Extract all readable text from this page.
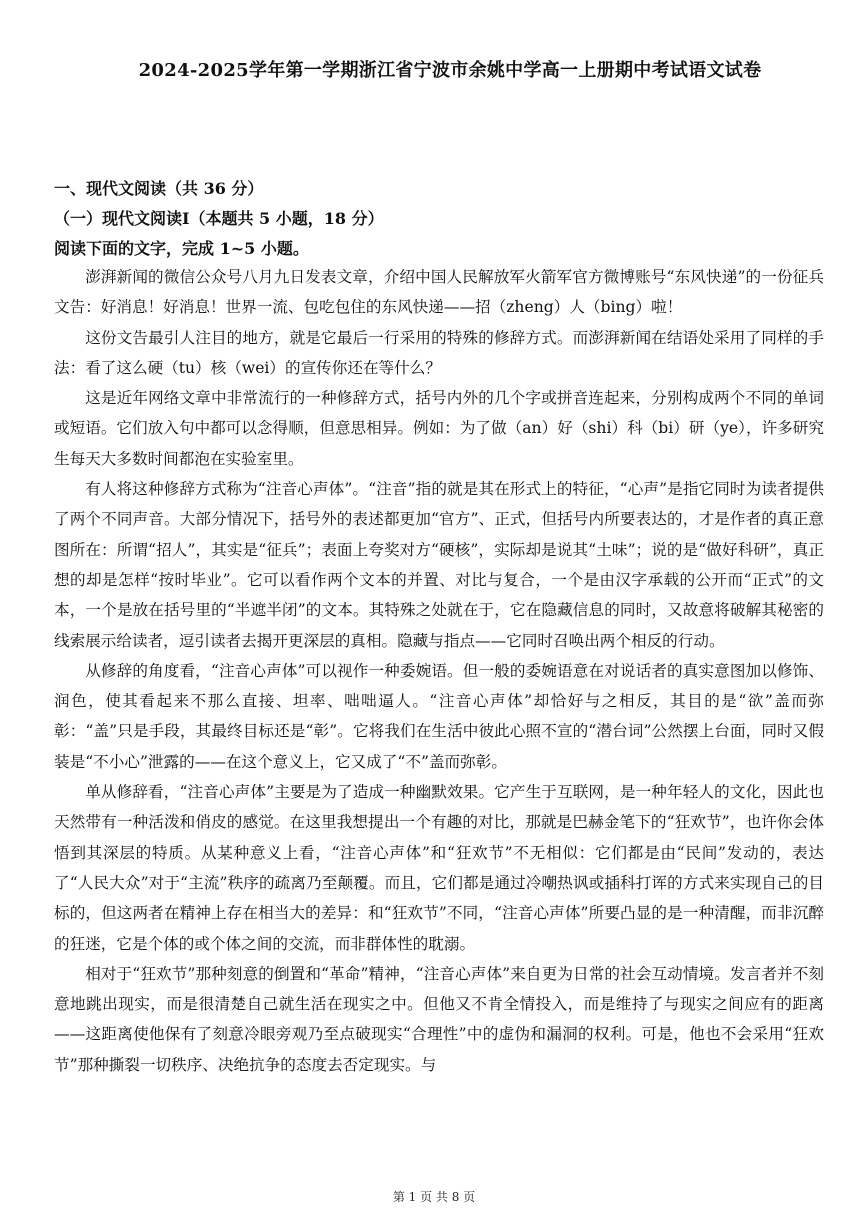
2024-2025学年第一学期浙江省宁波市余姚中学高一上册期中考试语文试卷
一、现代文阅读（共 36 分）
（一）现代文阅读Ⅰ（本题共 5 小题，18 分）
阅读下面的文字，完成 1~5 小题。

澎湃新闻的微信公众号八月九日发表文章，介绍中国人民解放军火箭军官方微博账号“东风快递”的一份征兵文告：好消息！好消息！世界一流、包吃包住的东风快递——招（zheng）人（bing）啦！

这份文告最引人注目的地方，就是它最后一行采用的特殊的修辞方式。而澎湃新闻在结语处采用了同样的手法：看了这么硬（tu）核（wei）的宣传你还在等什么？

这是近年网络文章中非常流行的一种修辞方式，括号内外的几个字或拼音连起来，分别构成两个不同的单词或短语。它们放入句中都可以念得顺，但意思相异。例如：为了做（an）好（shi）科（bi）研（ye），许多研究生每天大多数时间都泡在实验室里。

有人将这种修辞方式称为“注音心声体”。“注音”指的就是其在形式上的特征，“心声”是指它同时为读者提供了两个不同声音。大部分情况下，括号外的表述都更加“官方”、正式，但括号内所要表达的，才是作者的真正意图所在：所谓“招人”，其实是“征兵”；表面上夸奖对方“硬核”，实际却是说其“土味”；说的是“做好科研”，真正想的却是怎样“按时毕业”。它可以看作两个文本的并置、对比与复合，一个是由汉字承载的公开而“正式”的文本，一个是放在括号里的“半遮半闭”的文本。其特殊之处就在于，它在隐藏信息的同时，又故意将破解其秘密的线索展示给读者，逗引读者去揭开更深层的真相。隐藏与指点——它同时召唤出两个相反的行动。

从修辞的角度看，“注音心声体”可以视作一种委婉语。但一般的委婉语意在对说话者的真实意图加以修饰、润色，使其看起来不那么直接、坦率、咄咄逼人。“注音心声体”却恰好与之相反，其目的是“欲”盖而弥彰：“盖”只是手段，其最终目标还是“彰”。它将我们在生活中彼此心照不宣的“潜台词”公然摆上台面，同时又假装是“不小心”泄露的——在这个意义上，它又成了“不”盖而弥彰。

单从修辞看，“注音心声体”主要是为了造成一种幽默效果。它产生于互联网，是一种年轻人的文化，因此也天然带有一种活泼和俏皮的感觉。在这里我想提出一个有趣的对比，那就是巴赫金笔下的“狂欢节”，也许你会体悟到其深层的特质。从某种意义上看，“注音心声体”和“狂欢节”不无相似：它们都是由“民间”发动的，表达了“人民大众”对于“主流”秩序的疏离乃至颠覆。而且，它们都是通过冷嘲热讽或插科打诨的方式来实现自己的目标的，但这两者在精神上存在相当大的差异：和“狂欢节”不同，“注音心声体”所要凸显的是一种清醒，而非沉醉的狂迷，它是个体的或个体之间的交流，而非群体性的耽溺。

相对于“狂欢节”那种刻意的倒置和“革命”精神，“注音心声体”来自更为日常的社会互动情境。发言者并不刻意地跳出现实，而是很清楚自己就生活在现实之中。但他又不肯全情投入，而是维持了与现实之间应有的距离——这距离使他保有了刻意冷眼旁观乃至点破现实“合理性”中的虚伪和漏洞的权利。可是，他也不会采用“狂欢节”那种撕裂一切秩序、决绝抗争的态度去否定现实。与

第 1 页 共 8 页
